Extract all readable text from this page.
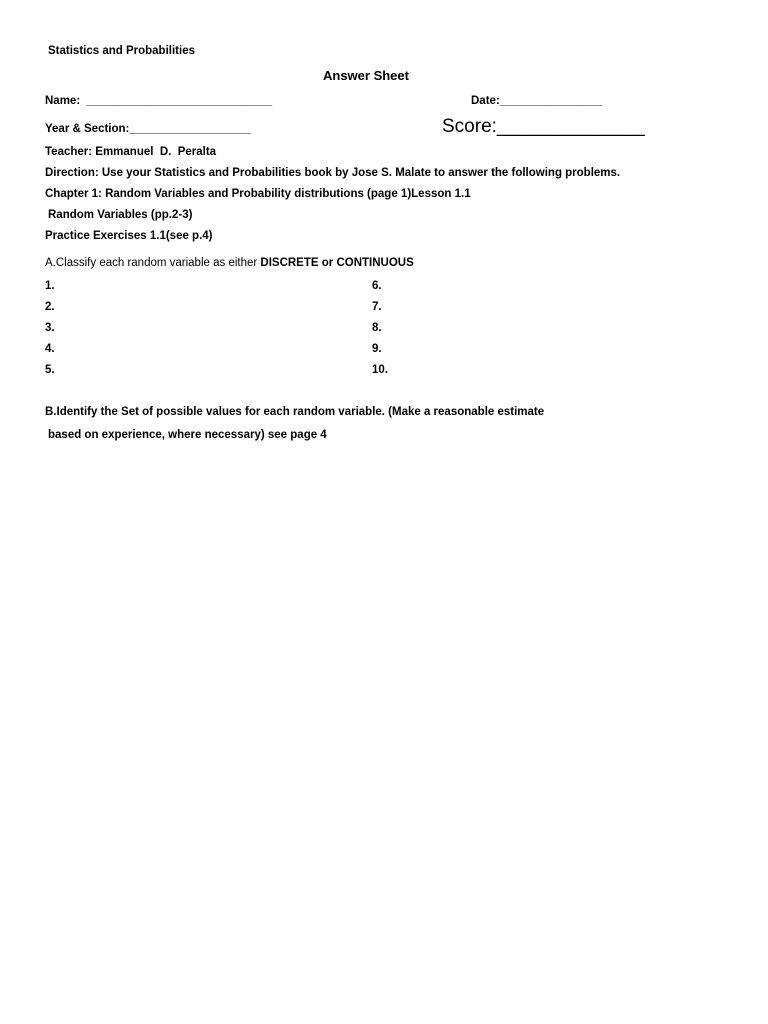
Statistics and Probabilities
Answer Sheet
Name:  _____________________________	Date:________________
Year & Section:___________________	Score:______________
Teacher: Emmanuel  D.  Peralta
Direction: Use your Statistics and Probabilities book by Jose S. Malate to answer the following problems.
Chapter 1: Random Variables and Probability distributions (page 1)Lesson 1.1
Random Variables (pp.2-3)
Practice Exercises 1.1(see p.4)
A.Classify each random variable as either DISCRETE or CONTINUOUS
1.
2.
3.
4.
5.
6.
7.
8.
9.
10.
B.Identify the Set of possible values for each random variable. (Make a reasonable estimate
based on experience, where necessary) see page 4
